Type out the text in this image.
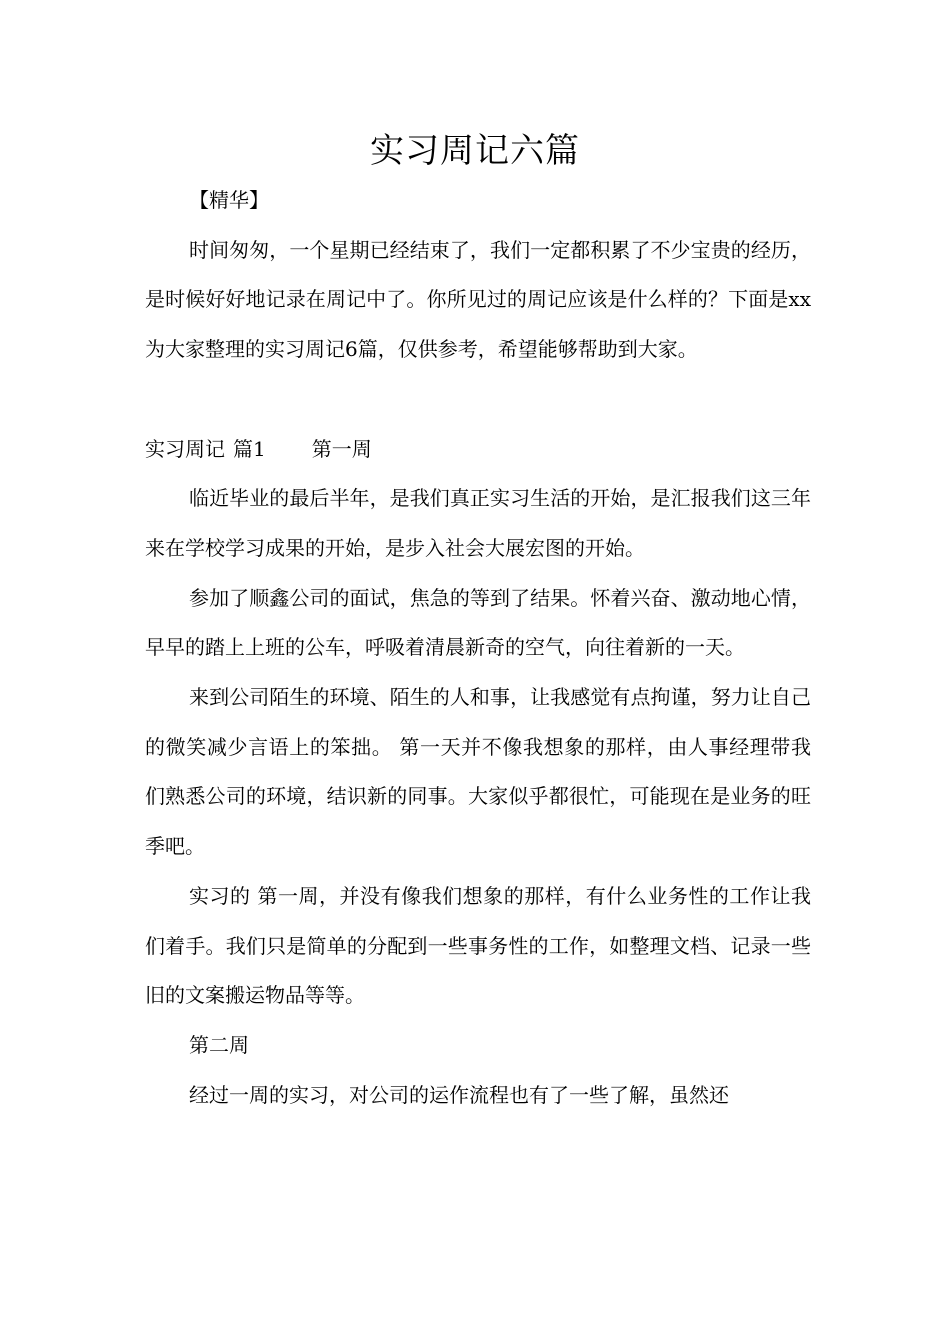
实习周记六篇

【精华】

时间匆匆，一个星期已经结束了，我们一定都积累了不少宝贵的经历，是时候好好地记录在周记中了。你所见过的周记应该是什么样的？下面是xx为大家整理的实习周记6篇，仅供参考，希望能够帮助到大家。

实习周记 篇1 第一周

临近毕业的最后半年，是我们真正实习生活的开始，是汇报我们这三年来在学校学习成果的开始，是步入社会大展宏图的开始。

参加了顺鑫公司的面试，焦急的等到了结果。怀着兴奋、激动地心情，早早的踏上上班的公车，呼吸着清晨新奇的空气，向往着新的一天。

来到公司陌生的环境、陌生的人和事，让我感觉有点拘谨，努力让自己的微笑减少言语上的笨拙。 第一天并不像我想象的那样，由人事经理带我们熟悉公司的环境，结识新的同事。大家似乎都很忙，可能现在是业务的旺季吧。

实习的 第一周，并没有像我们想象的那样，有什么业务性的工作让我们着手。我们只是简单的分配到一些事务性的工作，如整理文档、记录一些旧的文案搬运物品等等。

第二周

经过一周的实习，对公司的运作流程也有了一些了解，虽然还
